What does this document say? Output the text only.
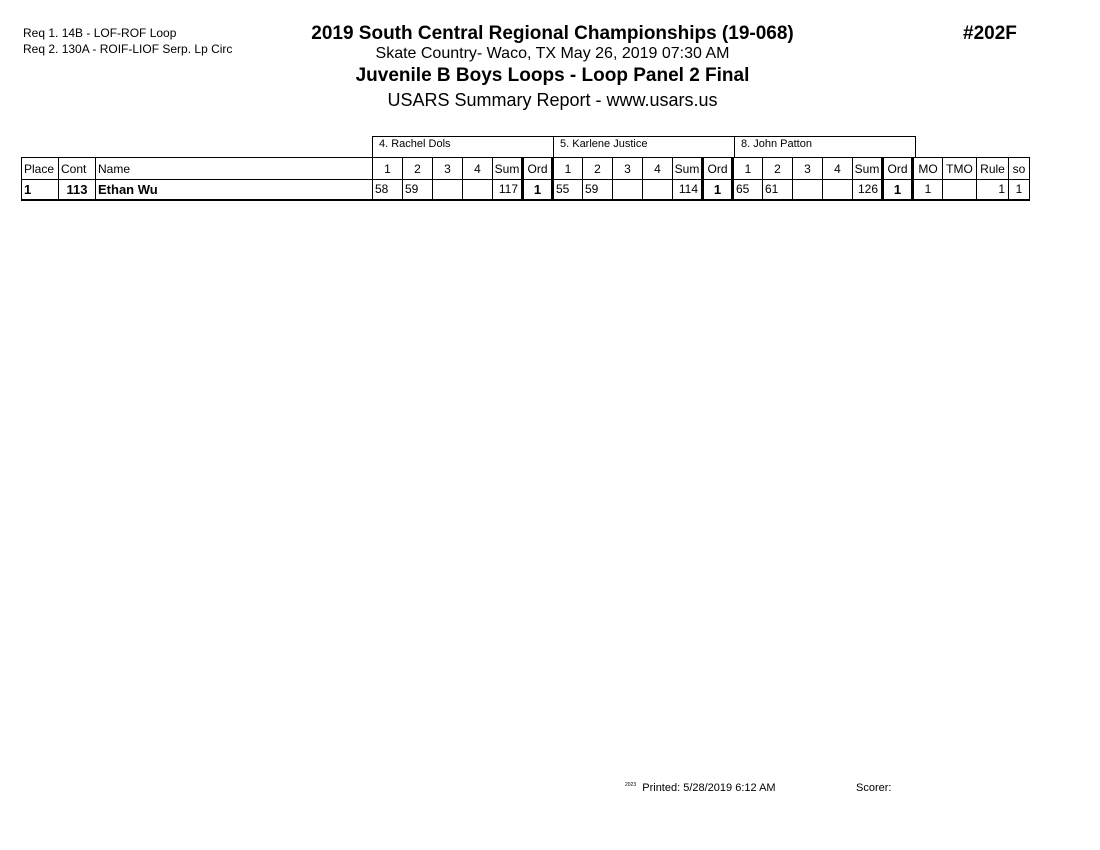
Req 1. 14B - LOF-ROF Loop
Req 2. 130A - ROIF-LIOF Serp. Lp Circ
2019 South Central Regional Championships (19-068)
Skate Country- Waco, TX May 26, 2019 07:30 AM
Juvenile B Boys Loops - Loop Panel 2 Final
USARS Summary Report - www.usars.us
#202F
4. Rachel Dols	5. Karlene Justice	8. John Patton
Place	Cont	Name	1	2	3	4	Sum	Ord	1	2	3	4	Sum	Ord	1	2	3	4	Sum	Ord	MO	TMO	Rule	so
1	113	Ethan Wu	58	59			117	1	55	59			114	1	65	61			126	1	1		1	1
$^{2023}$ Printed: 5/28/2019 6:12 AM	Scorer:
